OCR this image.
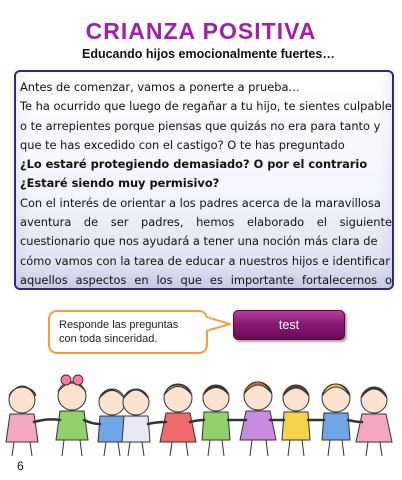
CRIANZA POSITIVA
Educando hijos emocionalmente fuertes…
Antes de comenzar, vamos a ponerte a prueba…
Te ha ocurrido que luego de regañar a tu hijo, te sientes culpable
o te arrepientes porque piensas que quizás no era para tanto y
que te has excedido con el castigo? O te has preguntado
¿Lo estaré protegiendo demasiado? O por el contrario
¿Estaré siendo muy permisivo?
Con el interés de orientar a los padres acerca de la maravillosa
aventura de ser padres, hemos elaborado el siguiente
cuestionario que nos ayudará a tener una noción más clara de
cómo vamos con la tarea de educar a nuestros hijos e identificar
aquellos aspectos en los que es importante fortalecernos o
Responde las preguntas
con toda sinceridad.
test
6
